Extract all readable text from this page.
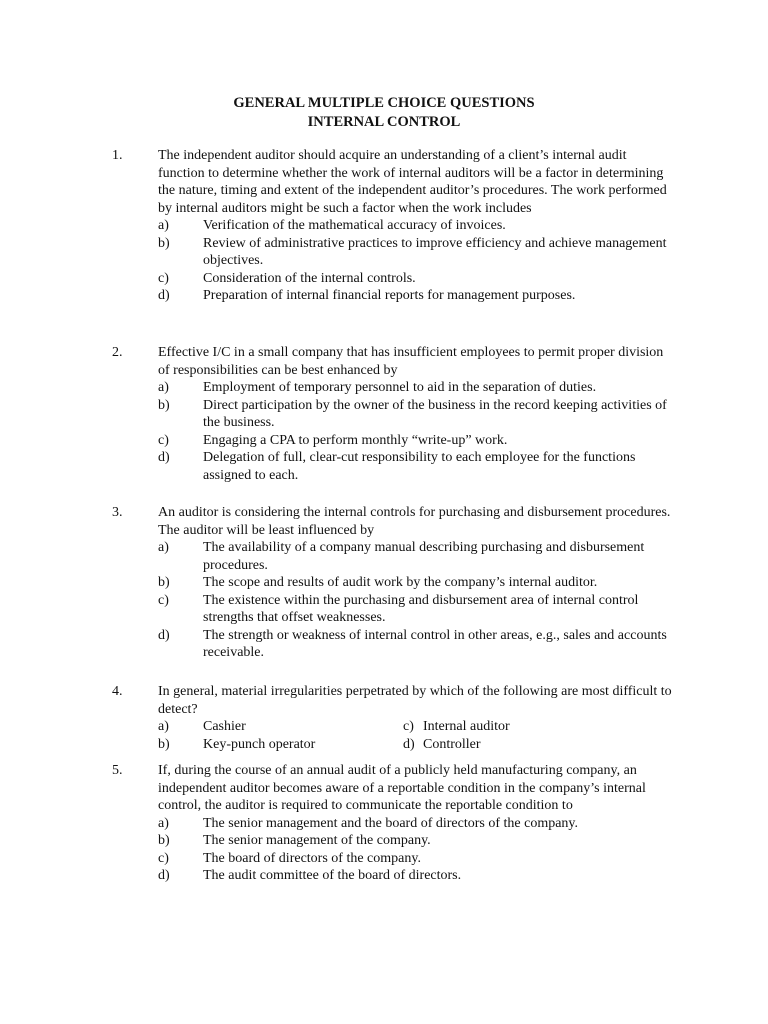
GENERAL MULTIPLE CHOICE QUESTIONS
INTERNAL CONTROL
1.	The independent auditor should acquire an understanding of a client’s internal audit function to determine whether the work of internal auditors will be a factor in determining the nature, timing and extent of the independent auditor’s procedures. The work performed by internal auditors might be such a factor when the work includes

a) Verification of the mathematical accuracy of invoices.
b) Review of administrative practices to improve efficiency and achieve management objectives.
c) Consideration of the internal controls.
d) Preparation of internal financial reports for management purposes.
2.	Effective I/C in a small company that has insufficient employees to permit proper division of responsibilities can be best enhanced by

a) Employment of temporary personnel to aid in the separation of duties.
b) Direct participation by the owner of the business in the record keeping activities of the business.
c) Engaging a CPA to perform monthly “write-up” work.
d) Delegation of full, clear-cut responsibility to each employee for the functions assigned to each.
3.	An auditor is considering the internal controls for purchasing and disbursement procedures. The auditor will be least influenced by

a) The availability of a company manual describing purchasing and disbursement procedures.
b) The scope and results of audit work by the company’s internal auditor.
c) The existence within the purchasing and disbursement area of internal control strengths that offset weaknesses.
d) The strength or weakness of internal control in other areas, e.g., sales and accounts receivable.
4.	In general, material irregularities perpetrated by which of the following are most difficult to detect?

a) Cashier	c) Internal auditor
b) Key-punch operator	d) Controller
5.	If, during the course of an annual audit of a publicly held manufacturing company, an independent auditor becomes aware of a reportable condition in the company’s internal control, the auditor is required to communicate the reportable condition to

a) The senior management and the board of directors of the company.
b) The senior management of the company.
c) The board of directors of the company.
d) The audit committee of the board of directors.
